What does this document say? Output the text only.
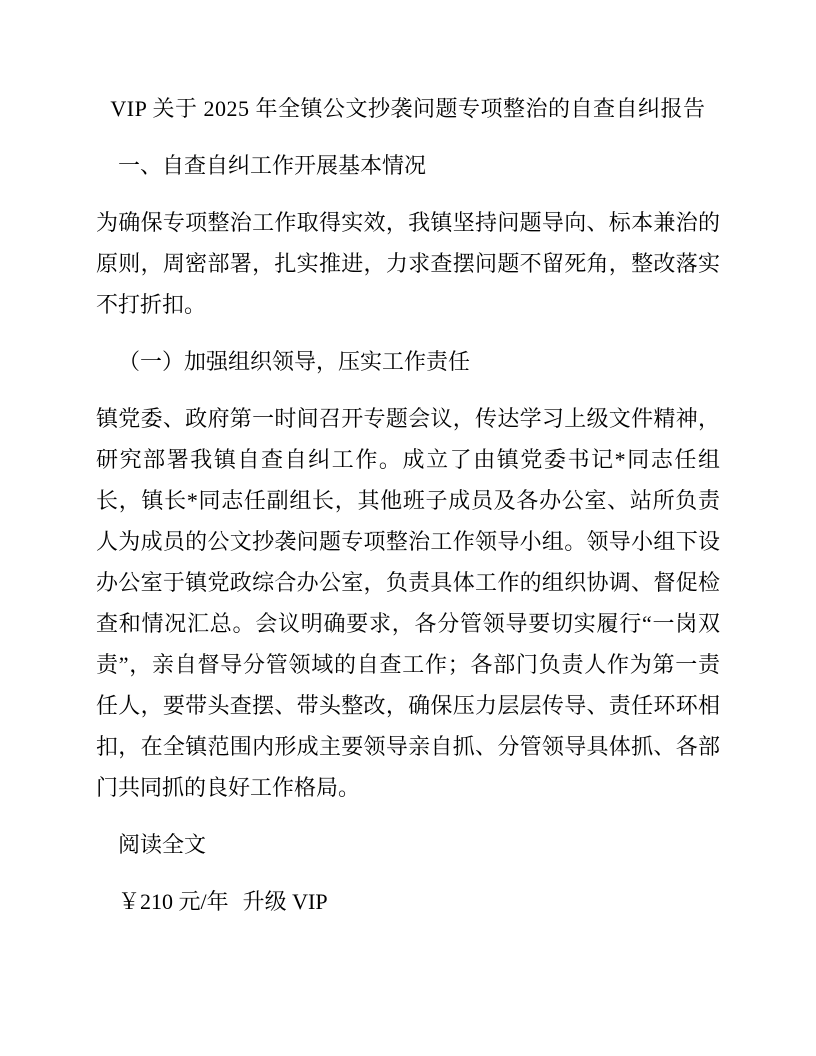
VIP 关于 2025 年全镇公文抄袭问题专项整治的自查自纠报告

一、自查自纠工作开展基本情况

为确保专项整治工作取得实效，我镇坚持问题导向、标本兼治的原则，周密部署，扎实推进，力求查摆问题不留死角，整改落实不打折扣。

（一）加强组织领导，压实工作责任

镇党委、政府第一时间召开专题会议，传达学习上级文件精神，研究部署我镇自查自纠工作。成立了由镇党委书记*同志任组长，镇长*同志任副组长，其他班子成员及各办公室、站所负责人为成员的公文抄袭问题专项整治工作领导小组。领导小组下设办公室于镇党政综合办公室，负责具体工作的组织协调、督促检查和情况汇总。会议明确要求，各分管领导要切实履行“一岗双责”，亲自督导分管领域的自查工作；各部门负责人作为第一责任人，要带头查摆、带头整改，确保压力层层传导、责任环环相扣，在全镇范围内形成主要领导亲自抓、分管领导具体抓、各部门共同抓的良好工作格局。

阅读全文

￥210 元/年 升级 VIP
